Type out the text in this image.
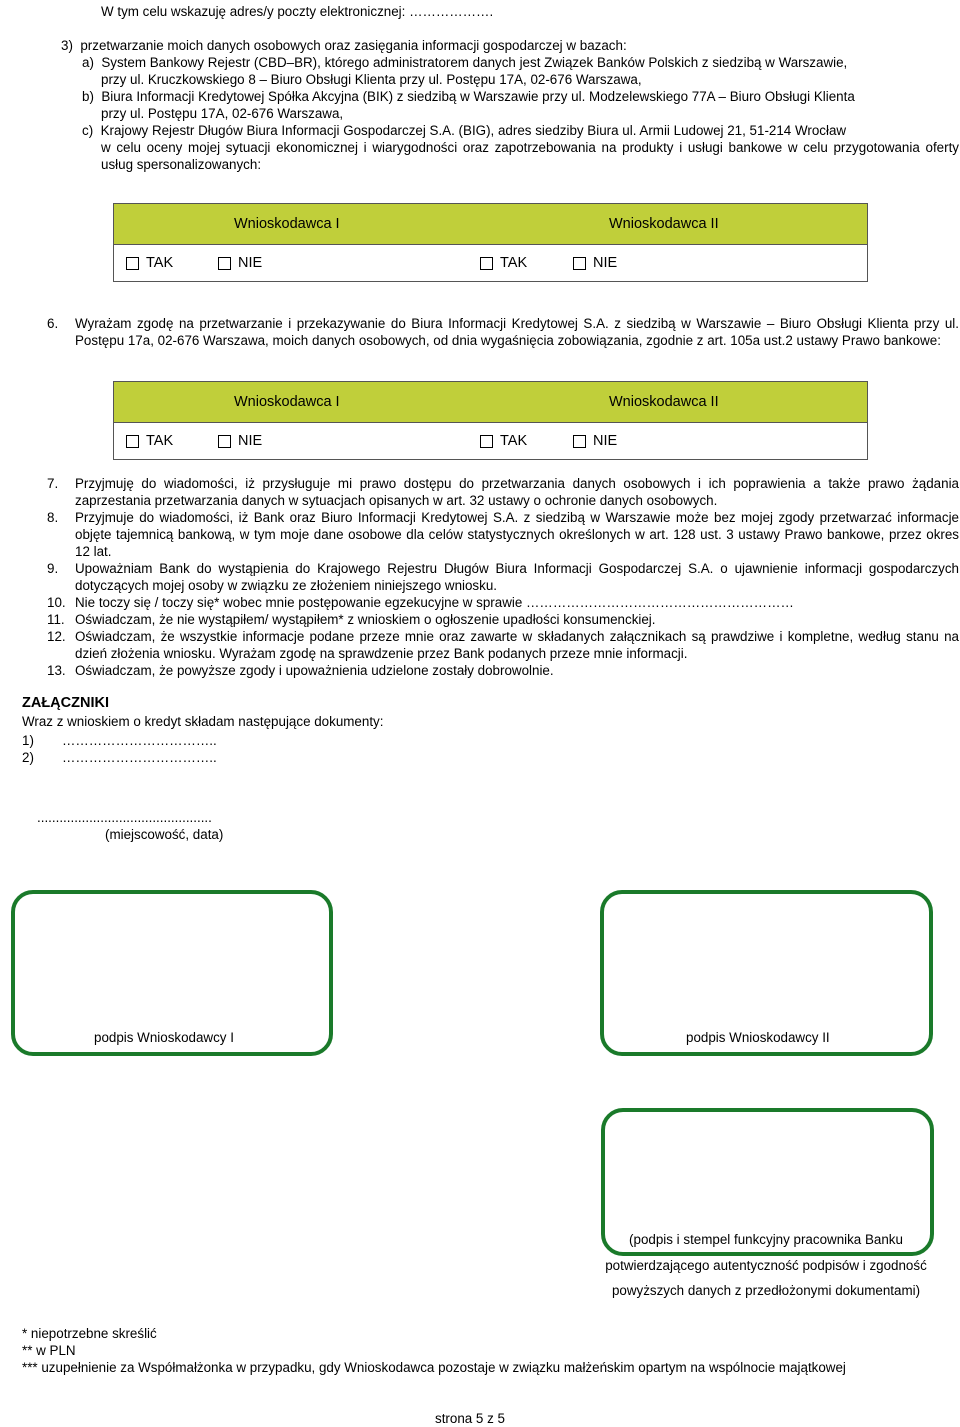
W tym celu wskazuję adres/y poczty elektronicznej: ……………….
3)  przetwarzanie moich danych osobowych oraz zasięgania informacji gospodarczej w bazach:
a)  System Bankowy Rejestr (CBD–BR), którego administratorem danych jest Związek Banków Polskich z siedzibą w Warszawie,
przy ul. Kruczkowskiego 8 – Biuro Obsługi Klienta przy ul. Postępu 17A, 02-676 Warszawa,
b)  Biura Informacji Kredytowej Spółka Akcyjna (BIK) z siedzibą w Warszawie przy ul. Modzelewskiego 77A – Biuro Obsługi Klienta
przy ul. Postępu 17A, 02-676 Warszawa,
c)  Krajowy Rejestr Długów Biura Informacji Gospodarczej S.A. (BIG), adres siedziby Biura ul. Armii Ludowej 21, 51-214 Wrocław
w celu oceny mojej sytuacji ekonomicznej i wiarygodności oraz zapotrzebowania na produkty i usługi bankowe w celu przygotowania oferty usług spersonalizowanych:
Wnioskodawca I	Wnioskodawca II
TAK	NIE	TAK	NIE
6. Wyrażam zgodę na przetwarzanie i przekazywanie do Biura Informacji Kredytowej S.A. z siedzibą w Warszawie – Biuro Obsługi Klienta przy ul. Postępu 17a, 02-676 Warszawa, moich danych osobowych, od dnia wygaśnięcia zobowiązania, zgodnie z art. 105a ust.2 ustawy Prawo bankowe:
Wnioskodawca I	Wnioskodawca II
TAK	NIE	TAK	NIE
7. Przyjmuję do wiadomości, iż przysługuje mi prawo dostępu do przetwarzania danych osobowych i ich poprawienia a także prawo żądania zaprzestania przetwarzania danych w sytuacjach opisanych w art. 32 ustawy o ochronie danych osobowych.
8. Przyjmuje do wiadomości, iż Bank oraz Biuro Informacji Kredytowej S.A. z siedzibą w Warszawie może bez mojej zgody przetwarzać informacje objęte tajemnicą bankową, w tym moje dane osobowe dla celów statystycznych określonych w art. 128 ust. 3 ustawy Prawo bankowe, przez okres 12 lat.
9. Upoważniam Bank do wystąpienia do Krajowego Rejestru Długów Biura Informacji Gospodarczej S.A. o ujawnienie informacji gospodarczych dotyczących mojej osoby w związku ze złożeniem niniejszego wniosku.
10. Nie toczy się / toczy się* wobec mnie postępowanie egzekucyjne w sprawie ……………………………………………………
11. Oświadczam, że nie wystąpiłem/ wystąpiłem* z wnioskiem o ogłoszenie upadłości konsumenckiej.
12. Oświadczam, że wszystkie informacje podane przeze mnie oraz zawarte w składanych załącznikach są prawdziwe i kompletne, według stanu na dzień złożenia wniosku. Wyrażam zgodę na sprawdzenie przez Bank podanych przeze mnie informacji.
13. Oświadczam, że powyższe zgody i upoważnienia udzielone zostały dobrowolnie.
ZAŁĄCZNIKI
Wraz z wnioskiem o kredyt składam następujące dokumenty:
1) ……………………………..
2) ……………………………..
...............................................
(miejscowość, data)
podpis Wnioskodawcy I	podpis Wnioskodawcy II
(podpis i stempel funkcyjny pracownika Banku
potwierdzającego autentyczność podpisów i zgodność
powyższych danych z przedłożonymi dokumentami)
* niepotrzebne skreślić
** w PLN
*** uzupełnienie za Współmałżonka w przypadku, gdy Wnioskodawca pozostaje w związku małżeńskim opartym na wspólnocie majątkowej
strona 5 z 5
